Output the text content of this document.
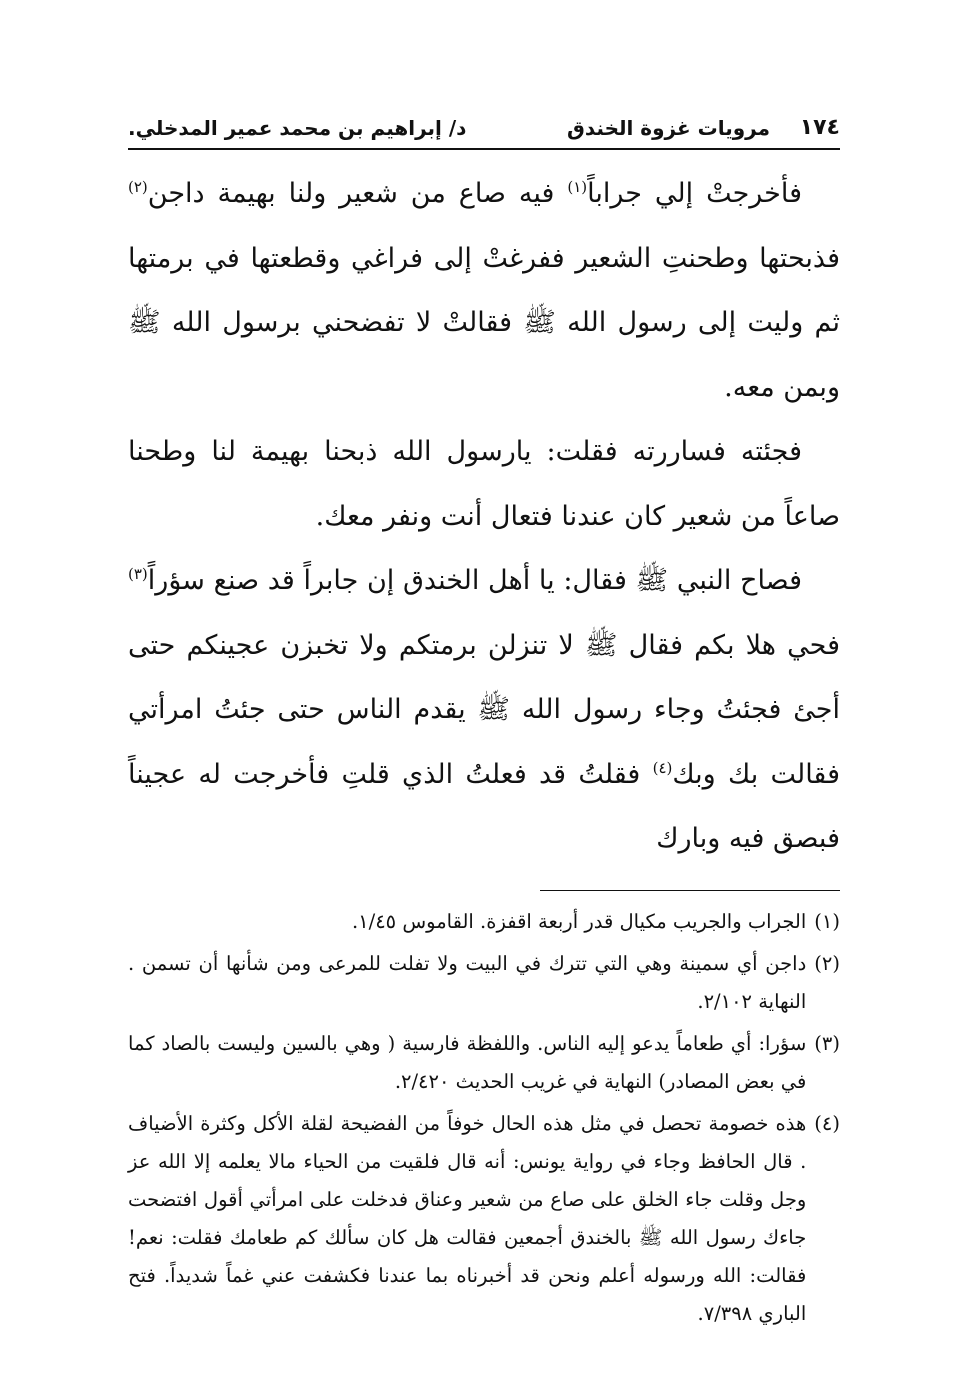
١٧٤
مرويات غزوة الخندق
د/ إبراهيم بن محمد عمير المدخلي.

فأخرجتْ إلي جراباً$^{(١)}$ فيه صاع من شعير ولنا بهيمة داجن$^{(٢)}$ فذبحتها وطحنتِ الشعير ففرغتْ إلى فراغي وقطعتها في برمتها ثم وليت إلى رسول الله ﷺ فقالتْ لا تفضحني برسول الله ﷺ وبمن معه.

فجئته فساررته فقلت: يارسول الله ذبحنا بهيمة لنا وطحنا صاعاً من شعير كان عندنا فتعال أنت ونفر معك.

فصاح النبي ﷺ فقال: يا أهل الخندق إن جابراً قد صنع سؤراً$^{(٣)}$ فحي هلا بكم فقال ﷺ لا تنزلن برمتكم ولا تخبزن عجينكم حتى أجئ فجئتُ وجاء رسول الله ﷺ يقدم الناس حتى جئتُ امرأتي فقالت بك وبك$^{(٤)}$ فقلتُ قد فعلتُ الذي قلتِ فأخرجت له عجيناً فبصق فيه وبارك

(١)
الجراب والجريب مكيال قدر أربعة اقفزة. القاموس ١/٤٥.
(٢)
داجن أي سمينة وهي التي تترك في البيت ولا تفلت للمرعى ومن شأنها أن تسمن . النهاية ٢/١٠٢.
(٣)
سؤرا: أي طعاماً يدعو إليه الناس. واللفظة فارسية ( وهي بالسين وليست بالصاد كما في بعض المصادر) النهاية في غريب الحديث ٢/٤٢٠.
(٤)
هذه خصومة تحصل في مثل هذه الحال خوفاً من الفضيحة لقلة الأكل وكثرة الأضياف . قال الحافظ وجاء في رواية يونس: أنه قال فلقيت من الحياء مالا يعلمه إلا الله عز وجل وقلت جاء الخلق على صاع من شعير وعناق فدخلت على امرأتي أقول افتضحت جاءك رسول الله ﷺ بالخندق أجمعين فقالت هل كان سألك كم طعامك فقلت: نعم! فقالت: الله ورسوله أعلم ونحن قد أخبرناه بما عندنا فكشفت عني غماً شديداً. فتح الباري ٧/٣٩٨.
